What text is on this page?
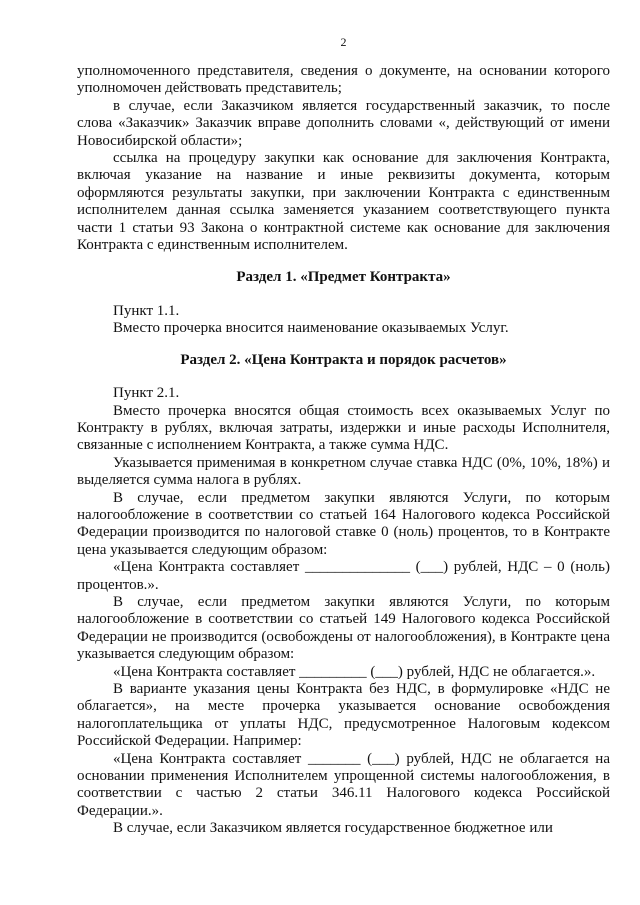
2

уполномоченного представителя, сведения о документе, на основании которого уполномочен действовать представитель;

в случае, если Заказчиком является государственный заказчик, то после слова «Заказчик» Заказчик вправе дополнить словами «, действующий от имени Новосибирской области»;

ссылка на процедуру закупки как основание для заключения Контракта, включая указание на название и иные реквизиты документа, которым оформляются результаты закупки, при заключении Контракта с единственным исполнителем данная ссылка заменяется указанием соответствующего пункта части 1 статьи 93 Закона о контрактной системе как основание для заключения Контракта с единственным исполнителем.

Раздел 1. «Предмет Контракта»

Пункт 1.1.

Вместо прочерка вносится наименование оказываемых Услуг.

Раздел 2. «Цена Контракта и порядок расчетов»

Пункт 2.1.

Вместо прочерка вносятся общая стоимость всех оказываемых Услуг по Контракту в рублях, включая затраты, издержки и иные расходы Исполнителя, связанные с исполнением Контракта, а также сумма НДС.

Указывается применимая в конкретном случае ставка НДС (0%, 10%, 18%) и выделяется сумма налога в рублях.

В случае, если предметом закупки являются Услуги, по которым налогообложение в соответствии со статьей 164 Налогового кодекса Российской Федерации производится по налоговой ставке 0 (ноль) процентов, то в Контракте цена указывается следующим образом:

«Цена Контракта составляет ______________ (___) рублей, НДС – 0 (ноль) процентов.».

В случае, если предметом закупки являются Услуги, по которым налогообложение в соответствии со статьей 149 Налогового кодекса Российской Федерации не производится (освобождены от налогообложения), в Контракте цена указывается следующим образом:

«Цена Контракта составляет _________ (___) рублей, НДС не облагается.».

В варианте указания цены Контракта без НДС, в формулировке «НДС не облагается», на месте прочерка указывается основание освобождения налогоплательщика от уплаты НДС, предусмотренное Налоговым кодексом Российской Федерации. Например:

«Цена Контракта составляет _______ (___) рублей, НДС не облагается на основании применения Исполнителем упрощенной системы налогообложения, в соответствии с частью 2 статьи 346.11 Налогового кодекса Российской Федерации.».

В случае, если Заказчиком является государственное бюджетное или
